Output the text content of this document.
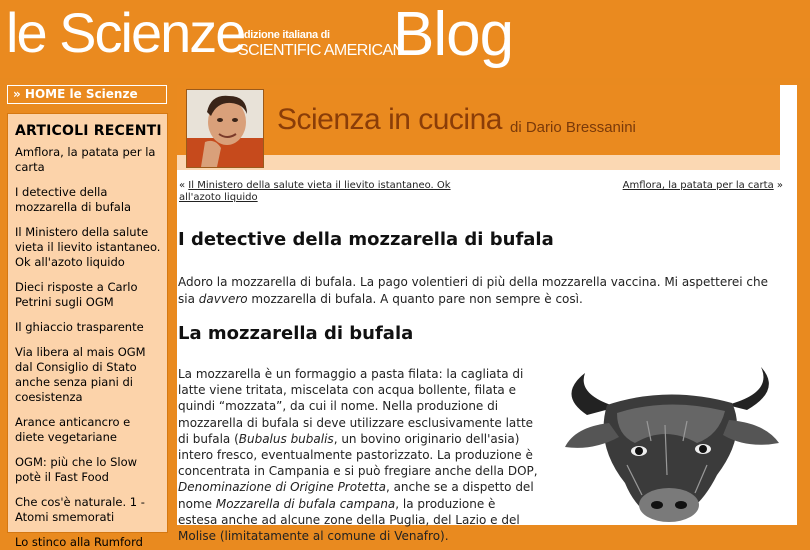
le Scienze
edizione italiana di
SCIENTIFIC AMERICAN
Blog
» HOME le Scienze
ARTICOLI RECENTI
Amflora, la patata per la carta
I detective della mozzarella di bufala
Il Ministero della salute vieta il lievito istantaneo. Ok all'azoto liquido
Dieci risposte a Carlo Petrini sugli OGM
Il ghiaccio trasparente
Via libera al mais OGM dal Consiglio di Stato anche senza piani di coesistenza
Arance anticancro e diete vegetariane
OGM: più che lo Slow potè il Fast Food
Che cos'è naturale. 1 - Atomi smemorati
Lo stinco alla Rumford
Scienza in cucina di Dario Bressanini
« Il Ministero della salute vieta il lievito istantaneo. Ok all'azoto liquido
Amflora, la patata per la carta »
I detective della mozzarella di bufala

Adoro la mozzarella di bufala. La pago volentieri di più della mozzarella vaccina. Mi aspetterei che sia davvero mozzarella di bufala. A quanto pare non sempre è così.

La mozzarella di bufala

La mozzarella è un formaggio a pasta filata: la cagliata di latte viene tritata, miscelata con acqua bollente, filata e quindi “mozzata”, da cui il nome. Nella produzione di mozzarella di bufala si deve utilizzare esclusivamente latte di bufala (Bubalus bubalis, un bovino originario dell'asia) intero fresco, eventualmente pastorizzato. La produzione è concentrata in Campania e si può fregiare anche della DOP, Denominazione di Origine Protetta, anche se a dispetto del nome Mozzarella di bufala campana, la produzione è estesa anche ad alcune zone della Puglia, del Lazio e del Molise (limitatamente al comune di Venafro).
